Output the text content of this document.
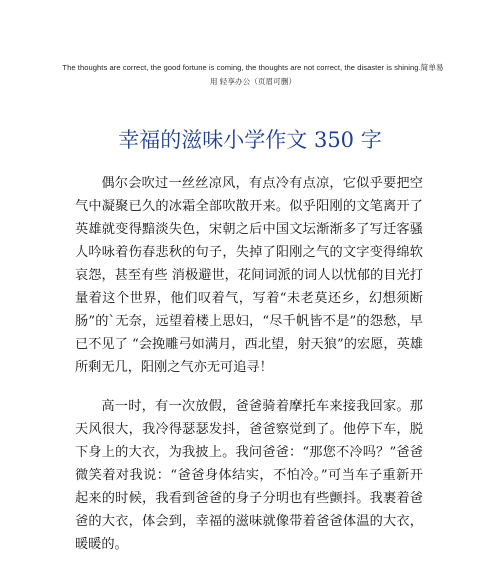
The thoughts are correct, the good fortune is coming, the thoughts are not correct, the disaster is shining.简单易
用 轻享办公（页眉可删）
幸福的滋味小学作文 350 字

偶尔会吹过一丝丝凉风，有点冷有点凉，它似乎要把空气中凝聚已久的冰霜全部吹散开来。似乎阳刚的文笔离开了英雄就变得黯淡失色，宋朝之后中国文坛渐渐多了写迁客骚人吟咏着伤春悲秋的句子，失掉了阳刚之气的文字变得绵软哀怨，甚至有些 消极避世，花间词派的词人以忧郁的目光打量着这个世界，他们叹着气，写着“未老莫还乡，幻想须断肠”的`无奈，远望着楼上思妇，“尽千帆皆不是”的怨愁，早已不见了 “会挽雕弓如满月，西北望，射天狼”的宏愿，英雄所剩无几，阳刚之气亦无可追寻！

高一时，有一次放假，爸爸骑着摩托车来接我回家。那天风很大，我冷得瑟瑟发抖，爸爸察觉到了。他停下车，脱下身上的大衣，为我披上。我问爸爸：“那您不冷吗？”爸爸微笑着对我说：“爸爸身体结实，不怕冷。”可当车子重新开起来的时候，我看到爸爸的身子分明也有些颤抖。我裹着爸爸的大衣，体会到，幸福的滋味就像带着爸爸体温的大衣，暖暖的。
